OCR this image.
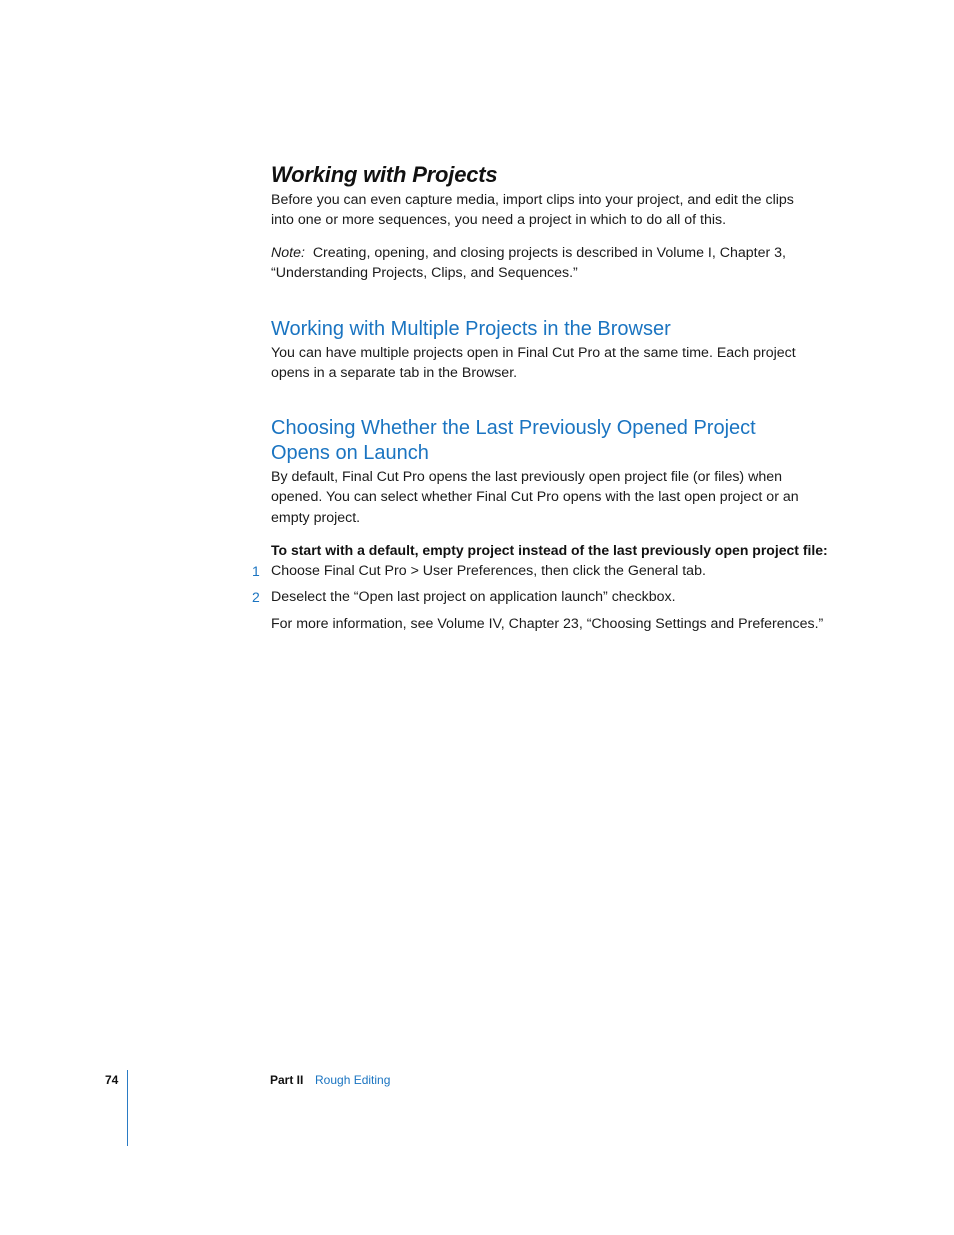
Working with Projects

Before you can even capture media, import clips into your project, and edit the clips

into one or more sequences, you need a project in which to do all of this.

Note: Creating, opening, and closing projects is described in Volume I, Chapter 3,

“Understanding Projects, Clips, and Sequences.”

Working with Multiple Projects in the Browser

You can have multiple projects open in Final Cut Pro at the same time. Each project

opens in a separate tab in the Browser.

Choosing Whether the Last Previously Opened Project
Opens on Launch

By default, Final Cut Pro opens the last previously open project file (or files) when

opened. You can select whether Final Cut Pro opens with the last open project or an

empty project.

To start with a default, empty project instead of the last previously open project file:

1 Choose Final Cut Pro > User Preferences, then click the General tab.

2 Deselect the “Open last project on application launch” checkbox.

For more information, see Volume IV, Chapter 23, “Choosing Settings and Preferences.”

74	Part II Rough Editing
